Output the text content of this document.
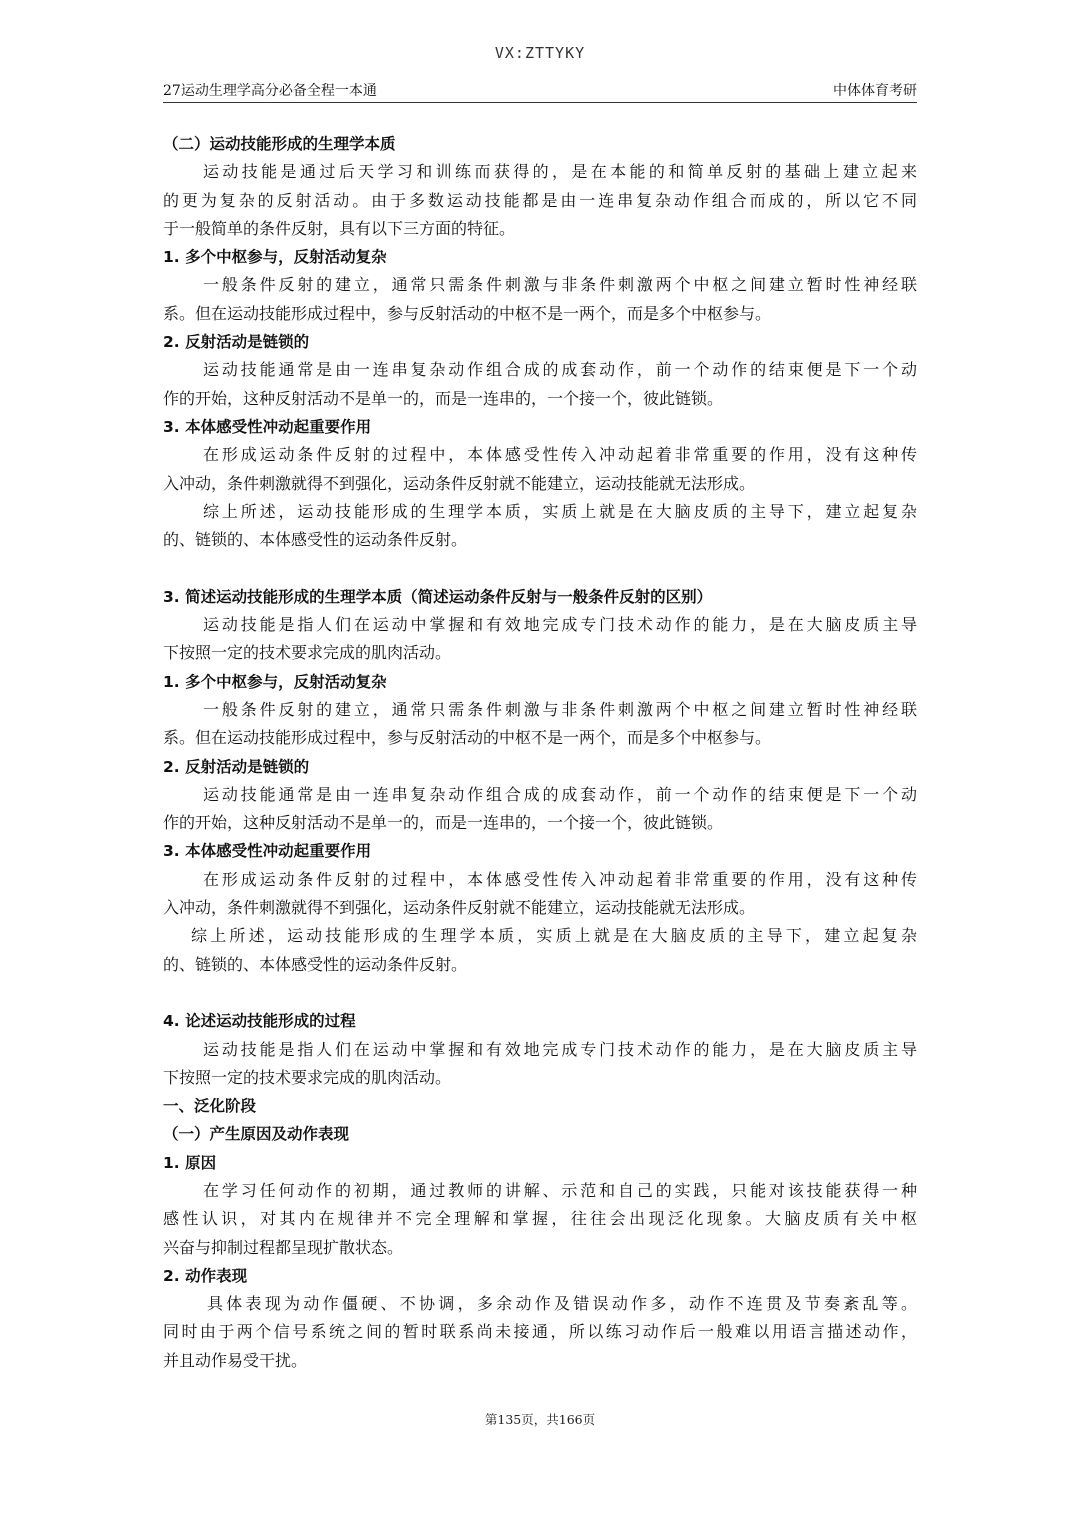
VX:ZTTYKY
27运动生理学高分必备全程一本通	中体体育考研
（二）运动技能形成的生理学本质
运动技能是通过后天学习和训练而获得的，是在本能的和简单反射的基础上建立起来
的更为复杂的反射活动。由于多数运动技能都是由一连串复杂动作组合而成的，所以它不同
于一般简单的条件反射，具有以下三方面的特征。
1. 多个中枢参与，反射活动复杂
一般条件反射的建立，通常只需条件刺激与非条件刺激两个中枢之间建立暂时性神经联
系。但在运动技能形成过程中，参与反射活动的中枢不是一两个，而是多个中枢参与。
2. 反射活动是链锁的
运动技能通常是由一连串复杂动作组合成的成套动作，前一个动作的结束便是下一个动
作的开始，这种反射活动不是单一的，而是一连串的，一个接一个，彼此链锁。
3. 本体感受性冲动起重要作用
在形成运动条件反射的过程中，本体感受性传入冲动起着非常重要的作用，没有这种传
入冲动，条件刺激就得不到强化，运动条件反射就不能建立，运动技能就无法形成。
综上所述，运动技能形成的生理学本质，实质上就是在大脑皮质的主导下，建立起复杂
的、链锁的、本体感受性的运动条件反射。
3. 简述运动技能形成的生理学本质（简述运动条件反射与一般条件反射的区别）
运动技能是指人们在运动中掌握和有效地完成专门技术动作的能力，是在大脑皮质主导
下按照一定的技术要求完成的肌肉活动。
1. 多个中枢参与，反射活动复杂
一般条件反射的建立，通常只需条件刺激与非条件刺激两个中枢之间建立暂时性神经联
系。但在运动技能形成过程中，参与反射活动的中枢不是一两个，而是多个中枢参与。
2. 反射活动是链锁的
运动技能通常是由一连串复杂动作组合成的成套动作，前一个动作的结束便是下一个动
作的开始，这种反射活动不是单一的，而是一连串的，一个接一个，彼此链锁。
3. 本体感受性冲动起重要作用
在形成运动条件反射的过程中，本体感受性传入冲动起着非常重要的作用，没有这种传
入冲动，条件刺激就得不到强化，运动条件反射就不能建立，运动技能就无法形成。
综上所述，运动技能形成的生理学本质，实质上就是在大脑皮质的主导下，建立起复杂
的、链锁的、本体感受性的运动条件反射。
4. 论述运动技能形成的过程
运动技能是指人们在运动中掌握和有效地完成专门技术动作的能力，是在大脑皮质主导
下按照一定的技术要求完成的肌肉活动。
一、泛化阶段
（一）产生原因及动作表现
1. 原因
在学习任何动作的初期，通过教师的讲解、示范和自己的实践，只能对该技能获得一种
感性认识，对其内在规律并不完全理解和掌握，往往会出现泛化现象。大脑皮质有关中枢
兴奋与抑制过程都呈现扩散状态。
2. 动作表现
具体表现为动作僵硬、不协调，多余动作及错误动作多，动作不连贯及节奏紊乱等。
同时由于两个信号系统之间的暂时联系尚未接通，所以练习动作后一般难以用语言描述动作，
并且动作易受干扰。
第135页，共166页
